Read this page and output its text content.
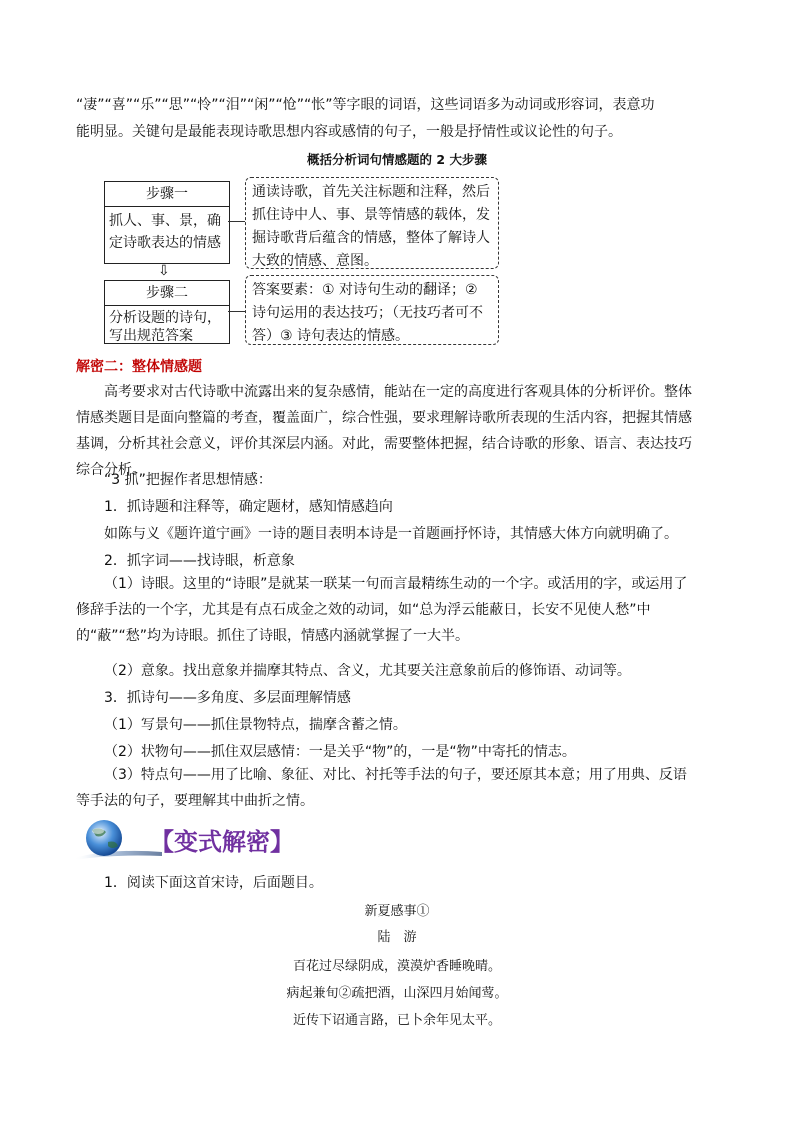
“凄”“喜”“乐”“思”“怜”“泪”“闲”“怆”“怅”等字眼的词语，这些词语多为动词或形容词，表意功
能明显。关键句是最能表现诗歌思想内容或感情的句子，一般是抒情性或议论性的句子。
概括分析词句情感题的 2 大步骤
步骤一
抓人、事、景，确定诗歌表达的情感
通读诗歌，首先关注标题和注释，然后抓住诗中人、事、景等情感的载体，发掘诗歌背后蕴含的情感，整体了解诗人大致的情感、意图。
⇩
步骤二
分析设题的诗句，写出规范答案
答案要素：① 对诗句生动的翻译；② 诗句运用的表达技巧；（无技巧者可不答）③ 诗句表达的情感。
解密二：整体情感题
高考要求对古代诗歌中流露出来的复杂感情，能站在一定的高度进行客观具体的分析评价。整体情感类题目是面向整篇的考查，覆盖面广，综合性强，要求理解诗歌所表现的生活内容，把握其情感基调，分析其社会意义，评价其深层内涵。对此，需要整体把握，结合诗歌的形象、语言、表达技巧综合分析。
“3 抓”把握作者思想情感：
1．抓诗题和注释等，确定题材，感知情感趋向
如陈与义《题许道宁画》一诗的题目表明本诗是一首题画抒怀诗，其情感大体方向就明确了。
2．抓字词——找诗眼，析意象
（1）诗眼。这里的“诗眼”是就某一联某一句而言最精练生动的一个字。或活用的字，或运用了修辞手法的一个字，尤其是有点石成金之效的动词，如“总为浮云能蔽日，长安不见使人愁”中的“蔽”“愁”均为诗眼。抓住了诗眼，情感内涵就掌握了一大半。
（2）意象。找出意象并揣摩其特点、含义，尤其要关注意象前后的修饰语、动词等。
3．抓诗句——多角度、多层面理解情感
（1）写景句——抓住景物特点，揣摩含蓄之情。
（2）状物句——抓住双层感情：一是关乎“物”的，一是“物”中寄托的情志。
（3）特点句——用了比喻、象征、对比、衬托等手法的句子，要还原其本意；用了用典、反语等手法的句子，要理解其中曲折之情。
【变式解密】
1．阅读下面这首宋诗，后面题目。
新夏感事①
陆　游
百花过尽绿阴成，漠漠炉香睡晚晴。
病起兼旬②疏把酒，山深四月始闻莺。
近传下诏通言路，已卜余年见太平。
